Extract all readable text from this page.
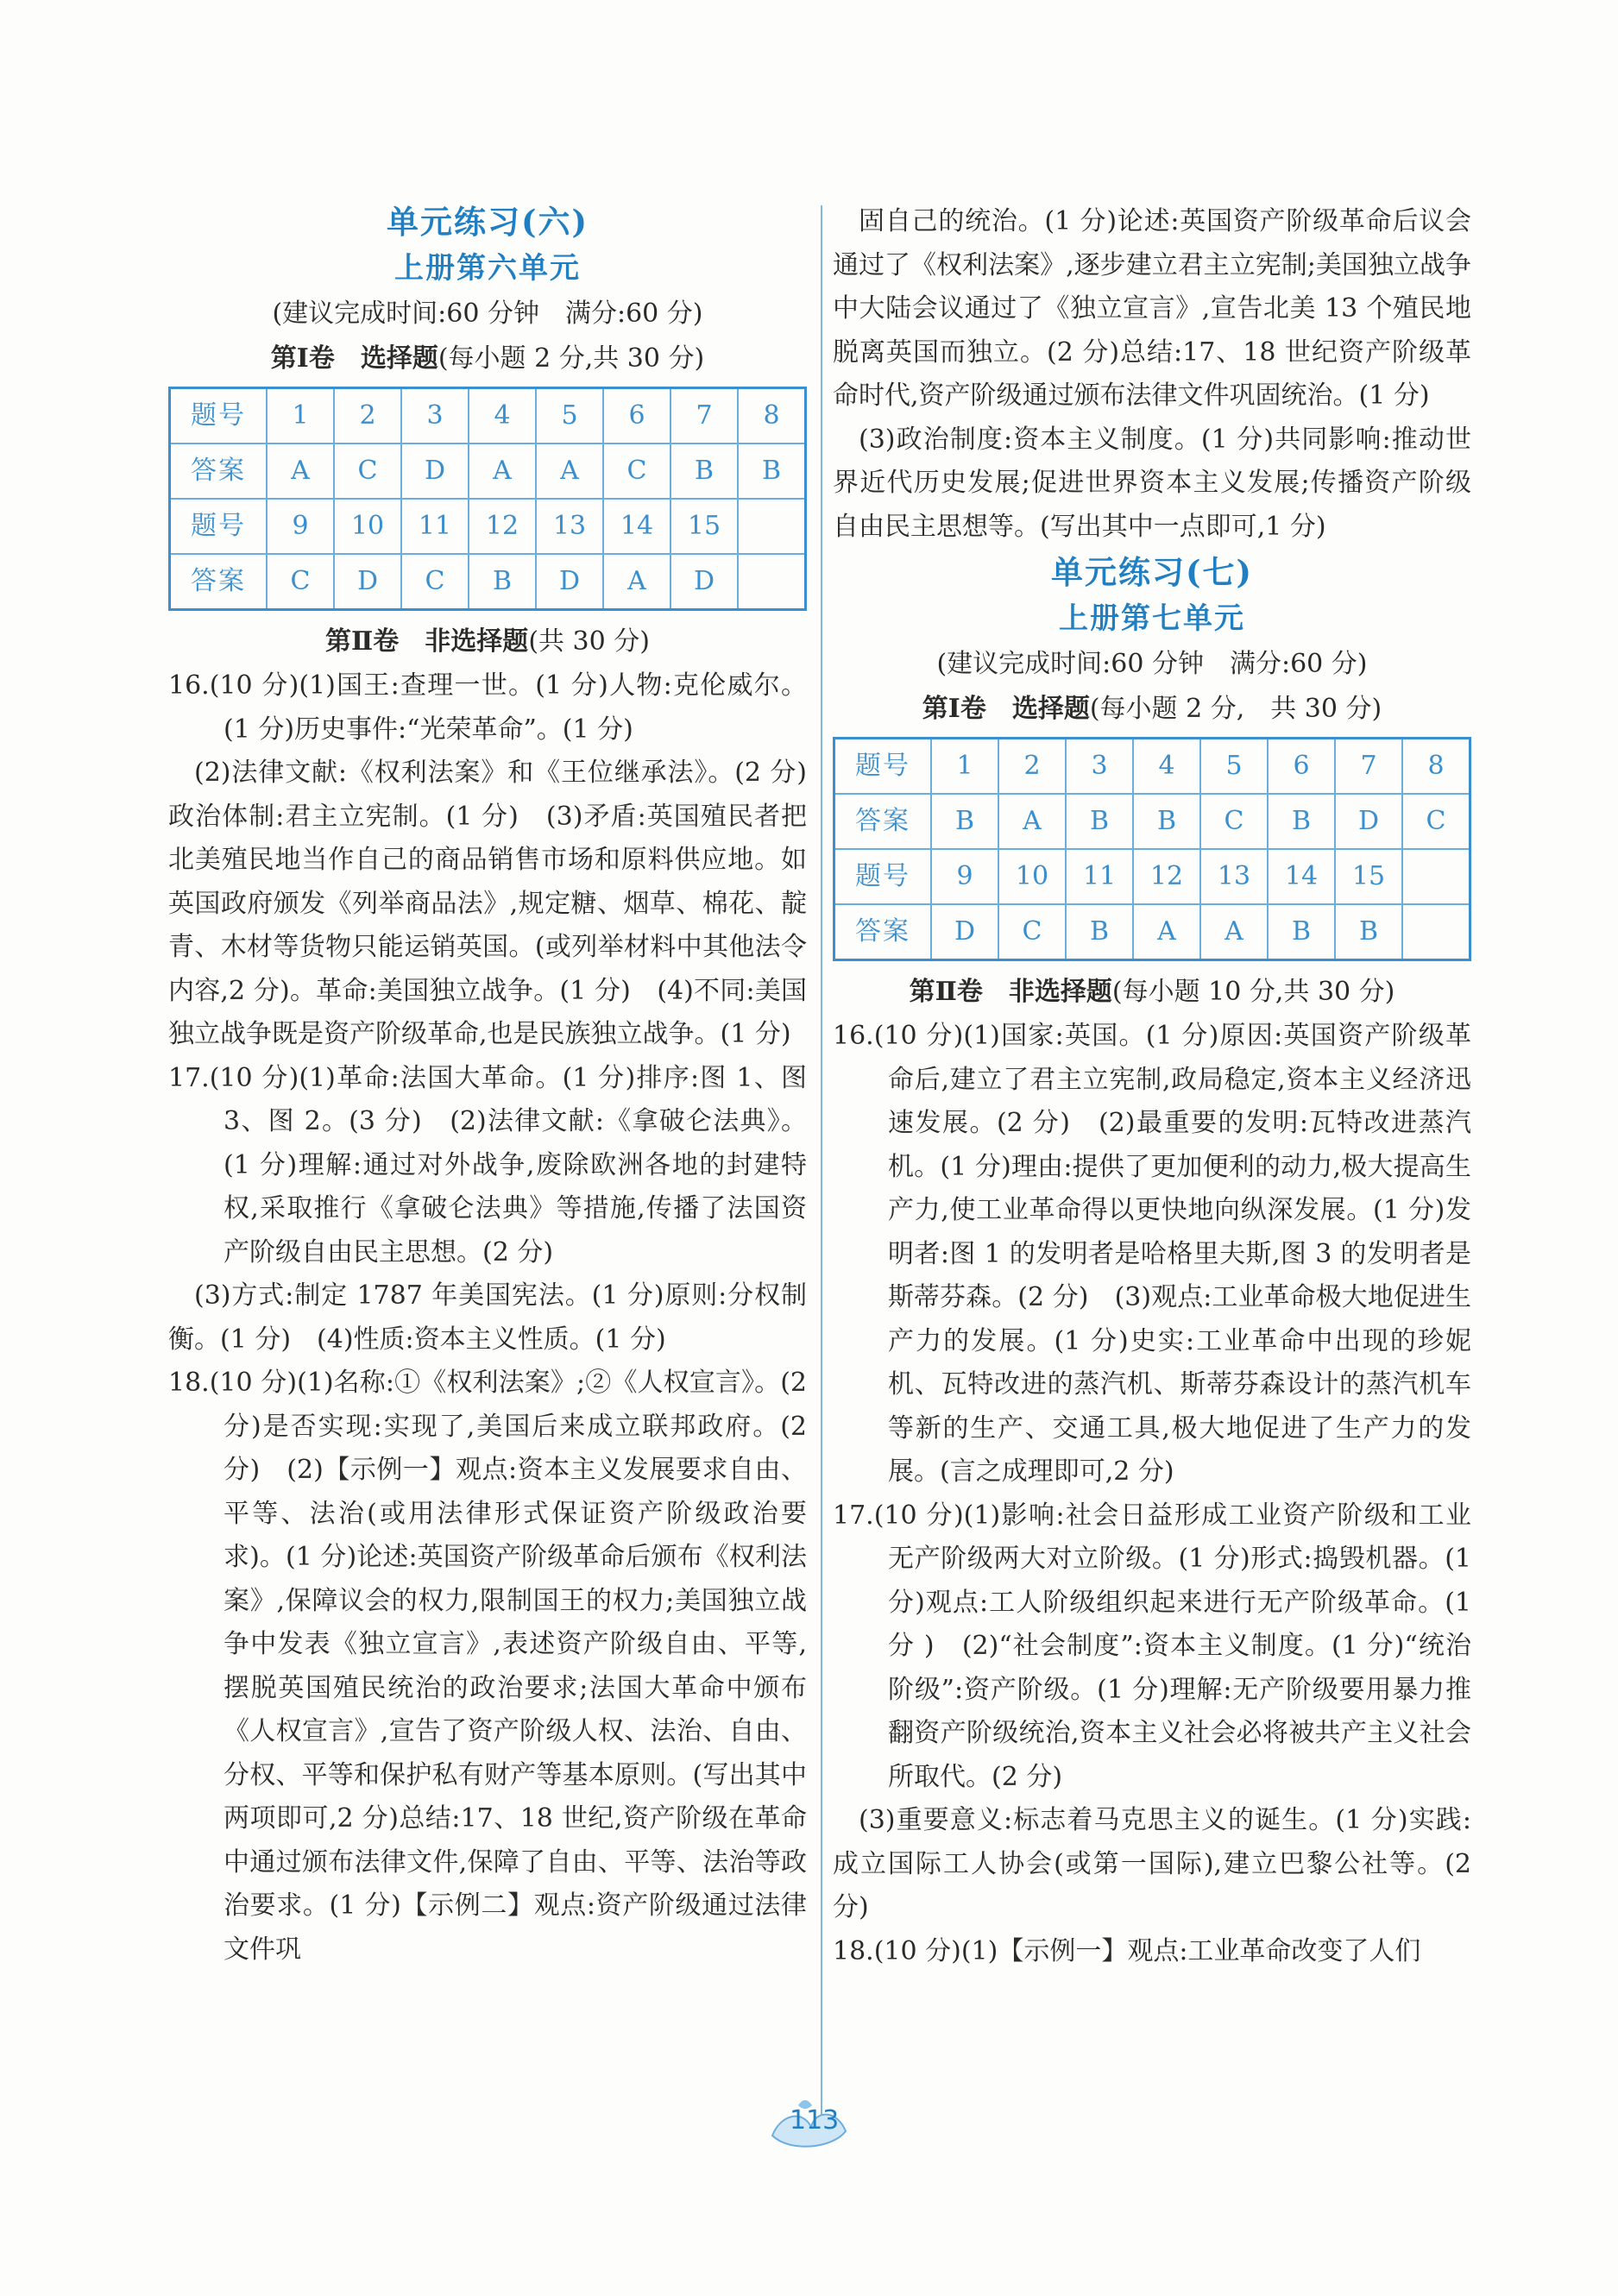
单元练习(六)
上册第六单元
(建议完成时间:60 分钟　满分:60 分)
第Ⅰ卷　选择题(每小题 2 分,共 30 分)
题号	1	2	3	4	5	6	7	8
答案	A	C	D	A	A	C	B	B
题号	9	10	11	12	13	14	15	
答案	C	D	C	B	D	A	D	
第Ⅱ卷　非选择题(共 30 分)
16.(10 分)(1)国王:查理一世。(1 分)人物:克伦威尔。(1 分)历史事件:“光荣革命”。(1 分)
(2)法律文献:《权利法案》和《王位继承法》。(2 分)政治体制:君主立宪制。(1 分)　(3)矛盾:英国殖民者把北美殖民地当作自己的商品销售市场和原料供应地。如英国政府颁发《列举商品法》,规定糖、烟草、棉花、靛青、木材等货物只能运销英国。(或列举材料中其他法令内容,2 分)。革命:美国独立战争。(1 分)　(4)不同:美国独立战争既是资产阶级革命,也是民族独立战争。(1 分)
17.(10 分)(1)革命:法国大革命。(1 分)排序:图 1、图 3、图 2。(3 分)　(2)法律文献:《拿破仑法典》。(1 分)理解:通过对外战争,废除欧洲各地的封建特权,采取推行《拿破仑法典》等措施,传播了法国资产阶级自由民主思想。(2 分)
(3)方式:制定 1787 年美国宪法。(1 分)原则:分权制衡。(1 分)　(4)性质:资本主义性质。(1 分)
18.(10 分)(1)名称:①《权利法案》;②《人权宣言》。(2 分)是否实现:实现了,美国后来成立联邦政府。(2 分)　(2)【示例一】观点:资本主义发展要求自由、平等、法治(或用法律形式保证资产阶级政治要求)。(1 分)论述:英国资产阶级革命后颁布《权利法案》,保障议会的权力,限制国王的权力;美国独立战争中发表《独立宣言》,表述资产阶级自由、平等,摆脱英国殖民统治的政治要求;法国大革命中颁布《人权宣言》,宣告了资产阶级人权、法治、自由、分权、平等和保护私有财产等基本原则。(写出其中两项即可,2 分)总结:17、18 世纪,资产阶级在革命中通过颁布法律文件,保障了自由、平等、法治等政治要求。(1 分)【示例二】观点:资产阶级通过法律文件巩
固自己的统治。(1 分)论述:英国资产阶级革命后议会通过了《权利法案》,逐步建立君主立宪制;美国独立战争中大陆会议通过了《独立宣言》,宣告北美 13 个殖民地脱离英国而独立。(2 分)总结:17、18 世纪资产阶级革命时代,资产阶级通过颁布法律文件巩固统治。(1 分)
(3)政治制度:资本主义制度。(1 分)共同影响:推动世界近代历史发展;促进世界资本主义发展;传播资产阶级自由民主思想等。(写出其中一点即可,1 分)
单元练习(七)
上册第七单元
(建议完成时间:60 分钟　满分:60 分)
第Ⅰ卷　选择题(每小题 2 分,　共 30 分)
题号	1	2	3	4	5	6	7	8
答案	B	A	B	B	C	B	D	C
题号	9	10	11	12	13	14	15	
答案	D	C	B	A	A	B	B	
第Ⅱ卷　非选择题(每小题 10 分,共 30 分)
16.(10 分)(1)国家:英国。(1 分)原因:英国资产阶级革命后,建立了君主立宪制,政局稳定,资本主义经济迅速发展。(2 分)　(2)最重要的发明:瓦特改进蒸汽机。(1 分)理由:提供了更加便利的动力,极大提高生产力,使工业革命得以更快地向纵深发展。(1 分)发明者:图 1 的发明者是哈格里夫斯,图 3 的发明者是斯蒂芬森。(2 分)　(3)观点:工业革命极大地促进生产力的发展。(1 分)史实:工业革命中出现的珍妮机、瓦特改进的蒸汽机、斯蒂芬森设计的蒸汽机车等新的生产、交通工具,极大地促进了生产力的发展。(言之成理即可,2 分)
17.(10 分)(1)影响:社会日益形成工业资产阶级和工业无产阶级两大对立阶级。(1 分)形式:捣毁机器。(1 分)观点:工人阶级组织起来进行无产阶级革命。(1 分 )　(2)“社会制度”:资本主义制度。(1 分)“统治阶级”:资产阶级。(1 分)理解:无产阶级要用暴力推翻资产阶级统治,资本主义社会必将被共产主义社会所取代。(2 分)
(3)重要意义:标志着马克思主义的诞生。(1 分)实践:成立国际工人协会(或第一国际),建立巴黎公社等。(2 分)
18.(10 分)(1)【示例一】观点:工业革命改变了人们
113
